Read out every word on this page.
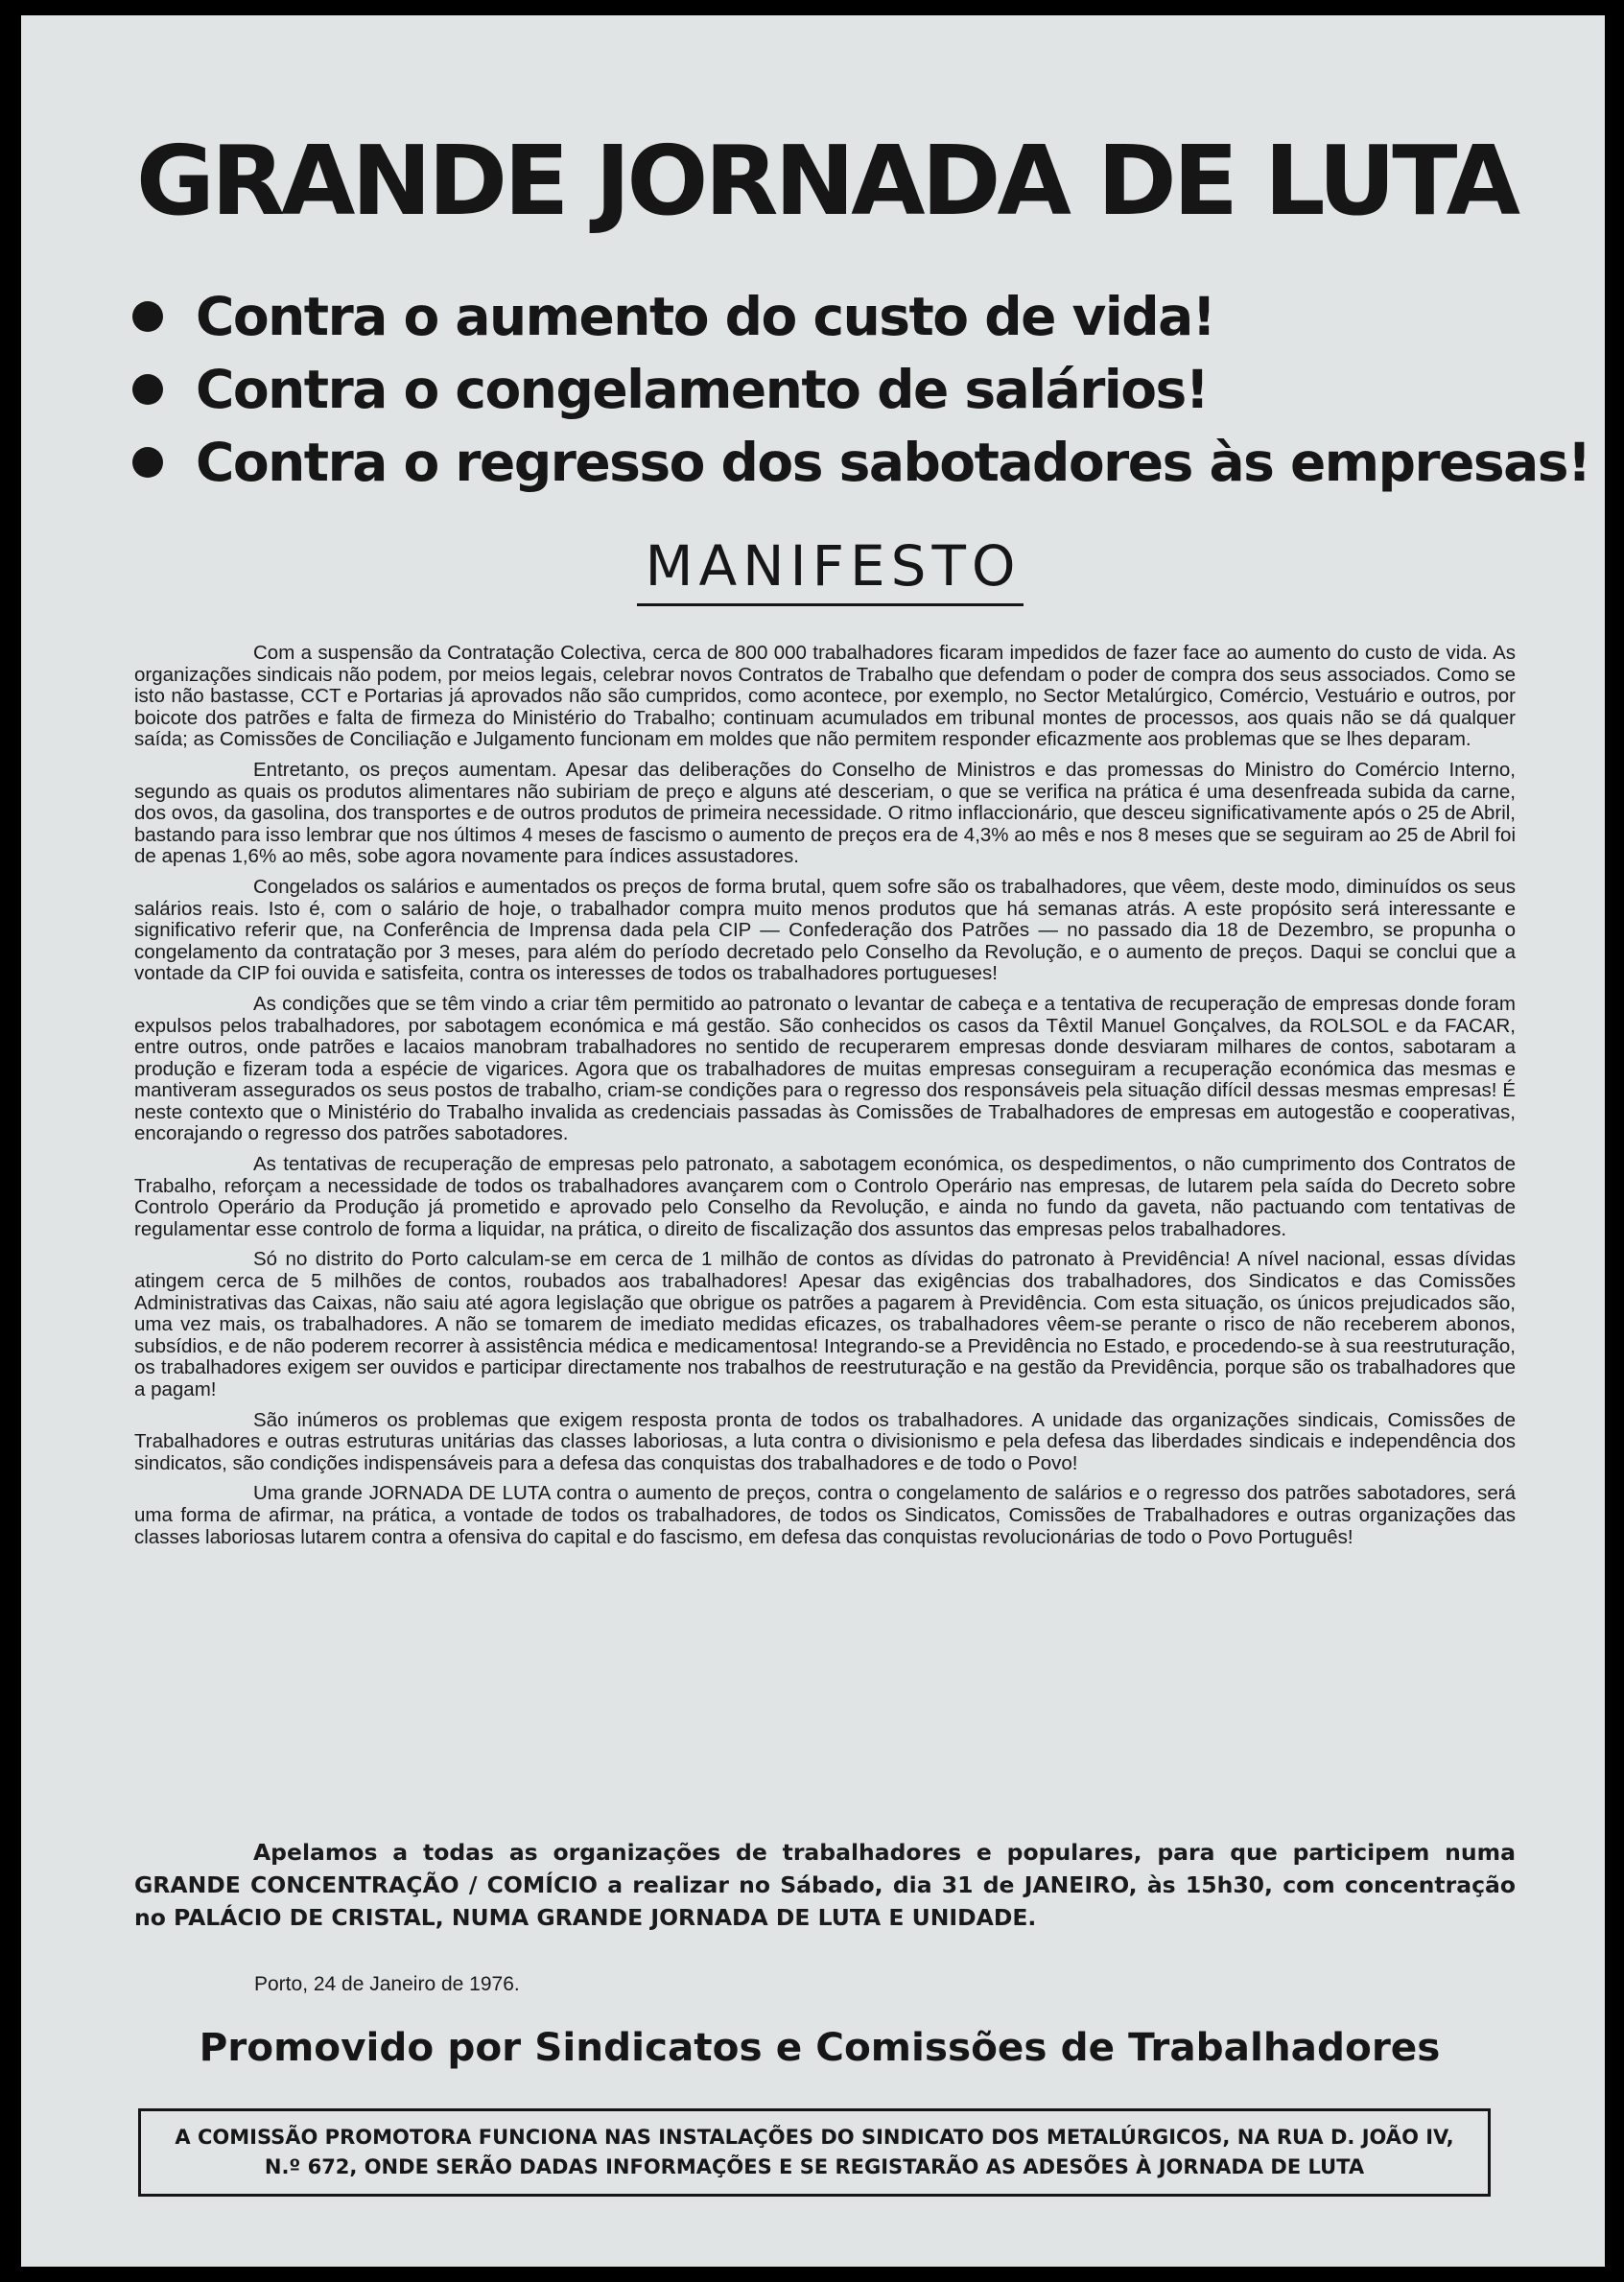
GRANDE JORNADA DE LUTA
Contra o aumento do custo de vida!
Contra o congelamento de salários!
Contra o regresso dos sabotadores às empresas!
MANIFESTO

Com a suspensão da Contratação Colectiva, cerca de 800 000 trabalhadores ficaram impedidos de fazer face ao aumento do custo de vida. As organizações sindicais não podem, por meios legais, celebrar novos Contratos de Trabalho que defendam o poder de compra dos seus associados. Como se isto não bastasse, CCT e Portarias já aprovados não são cumpridos, como acontece, por exemplo, no Sector Metalúrgico, Comércio, Vestuário e outros, por boicote dos patrões e falta de firmeza do Ministério do Trabalho; continuam acumulados em tribunal montes de processos, aos quais não se dá qualquer saída; as Comissões de Conciliação e Julgamento funcionam em moldes que não permitem responder eficazmente aos problemas que se lhes deparam.

Entretanto, os preços aumentam. Apesar das deliberações do Conselho de Ministros e das promessas do Ministro do Comércio Interno, segundo as quais os produtos alimentares não subiriam de preço e alguns até desceriam, o que se verifica na prática é uma desenfreada subida da carne, dos ovos, da gasolina, dos transportes e de outros produtos de primeira necessidade. O ritmo inflaccionário, que desceu significativamente após o 25 de Abril, bastando para isso lembrar que nos últimos 4 meses de fascismo o aumento de preços era de 4,3% ao mês e nos 8 meses que se seguiram ao 25 de Abril foi de apenas 1,6% ao mês, sobe agora novamente para índices assustadores.

Congelados os salários e aumentados os preços de forma brutal, quem sofre são os trabalhadores, que vêem, deste modo, diminuídos os seus salários reais. Isto é, com o salário de hoje, o trabalhador compra muito menos produtos que há semanas atrás. A este propósito será interessante e significativo referir que, na Conferência de Imprensa dada pela CIP — Confederação dos Patrões — no passado dia 18 de Dezembro, se propunha o congelamento da contratação por 3 meses, para além do período decretado pelo Conselho da Revolução, e o aumento de preços. Daqui se conclui que a vontade da CIP foi ouvida e satisfeita, contra os interesses de todos os trabalhadores portugueses!

As condições que se têm vindo a criar têm permitido ao patronato o levantar de cabeça e a tentativa de recuperação de empresas donde foram expulsos pelos trabalhadores, por sabotagem económica e má gestão. São conhecidos os casos da Têxtil Manuel Gonçalves, da ROLSOL e da FACAR, entre outros, onde patrões e lacaios manobram trabalhadores no sentido de recuperarem empresas donde desviaram milhares de contos, sabotaram a produção e fizeram toda a espécie de vigarices. Agora que os trabalhadores de muitas empresas conseguiram a recuperação económica das mesmas e mantiveram assegurados os seus postos de trabalho, criam-se condições para o regresso dos responsáveis pela situação difícil dessas mesmas empresas! É neste contexto que o Ministério do Trabalho invalida as credenciais passadas às Comissões de Trabalhadores de empresas em autogestão e cooperativas, encorajando o regresso dos patrões sabotadores.

As tentativas de recuperação de empresas pelo patronato, a sabotagem económica, os despedimentos, o não cumprimento dos Contratos de Trabalho, reforçam a necessidade de todos os trabalhadores avançarem com o Controlo Operário nas empresas, de lutarem pela saída do Decreto sobre Controlo Operário da Produção já prometido e aprovado pelo Conselho da Revolução, e ainda no fundo da gaveta, não pactuando com tentativas de regulamentar esse controlo de forma a liquidar, na prática, o direito de fiscalização dos assuntos das empresas pelos trabalhadores.

Só no distrito do Porto calculam-se em cerca de 1 milhão de contos as dívidas do patronato à Previdência! A nível nacional, essas dívidas atingem cerca de 5 milhões de contos, roubados aos trabalhadores! Apesar das exigências dos trabalhadores, dos Sindicatos e das Comissões Administrativas das Caixas, não saiu até agora legislação que obrigue os patrões a pagarem à Previdência. Com esta situação, os únicos prejudicados são, uma vez mais, os trabalhadores. A não se tomarem de imediato medidas eficazes, os trabalhadores vêem-se perante o risco de não receberem abonos, subsídios, e de não poderem recorrer à assistência médica e medicamentosa! Integrando-se a Previdência no Estado, e procedendo-se à sua reestruturação, os trabalhadores exigem ser ouvidos e participar directamente nos trabalhos de reestruturação e na gestão da Previdência, porque são os trabalhadores que a pagam!

São inúmeros os problemas que exigem resposta pronta de todos os trabalhadores. A unidade das organizações sindicais, Comissões de Trabalhadores e outras estruturas unitárias das classes laboriosas, a luta contra o divisionismo e pela defesa das liberdades sindicais e independência dos sindicatos, são condições indispensáveis para a defesa das conquistas dos trabalhadores e de todo o Povo!

Uma grande JORNADA DE LUTA contra o aumento de preços, contra o congelamento de salários e o regresso dos patrões sabotadores, será uma forma de afirmar, na prática, a vontade de todos os trabalhadores, de todos os Sindicatos, Comissões de Trabalhadores e outras organizações das classes laboriosas lutarem contra a ofensiva do capital e do fascismo, em defesa das conquistas revolucionárias de todo o Povo Português!

Apelamos a todas as organizações de trabalhadores e populares, para que participem numa GRANDE CONCENTRAÇÃO / COMÍCIO a realizar no Sábado, dia 31 de JANEIRO, às 15h30, com concentração no PALÁCIO DE CRISTAL, NUMA GRANDE JORNADA DE LUTA E UNIDADE.
Porto, 24 de Janeiro de 1976.
Promovido por Sindicatos e Comissões de Trabalhadores
A COMISSÃO PROMOTORA FUNCIONA NAS INSTALAÇÕES DO SINDICATO DOS METALÚRGICOS, NA RUA D. JOÃO IV, N.º 672, ONDE SERÃO DADAS INFORMAÇÕES E SE REGISTARÃO AS ADESÕES À JORNADA DE LUTA
